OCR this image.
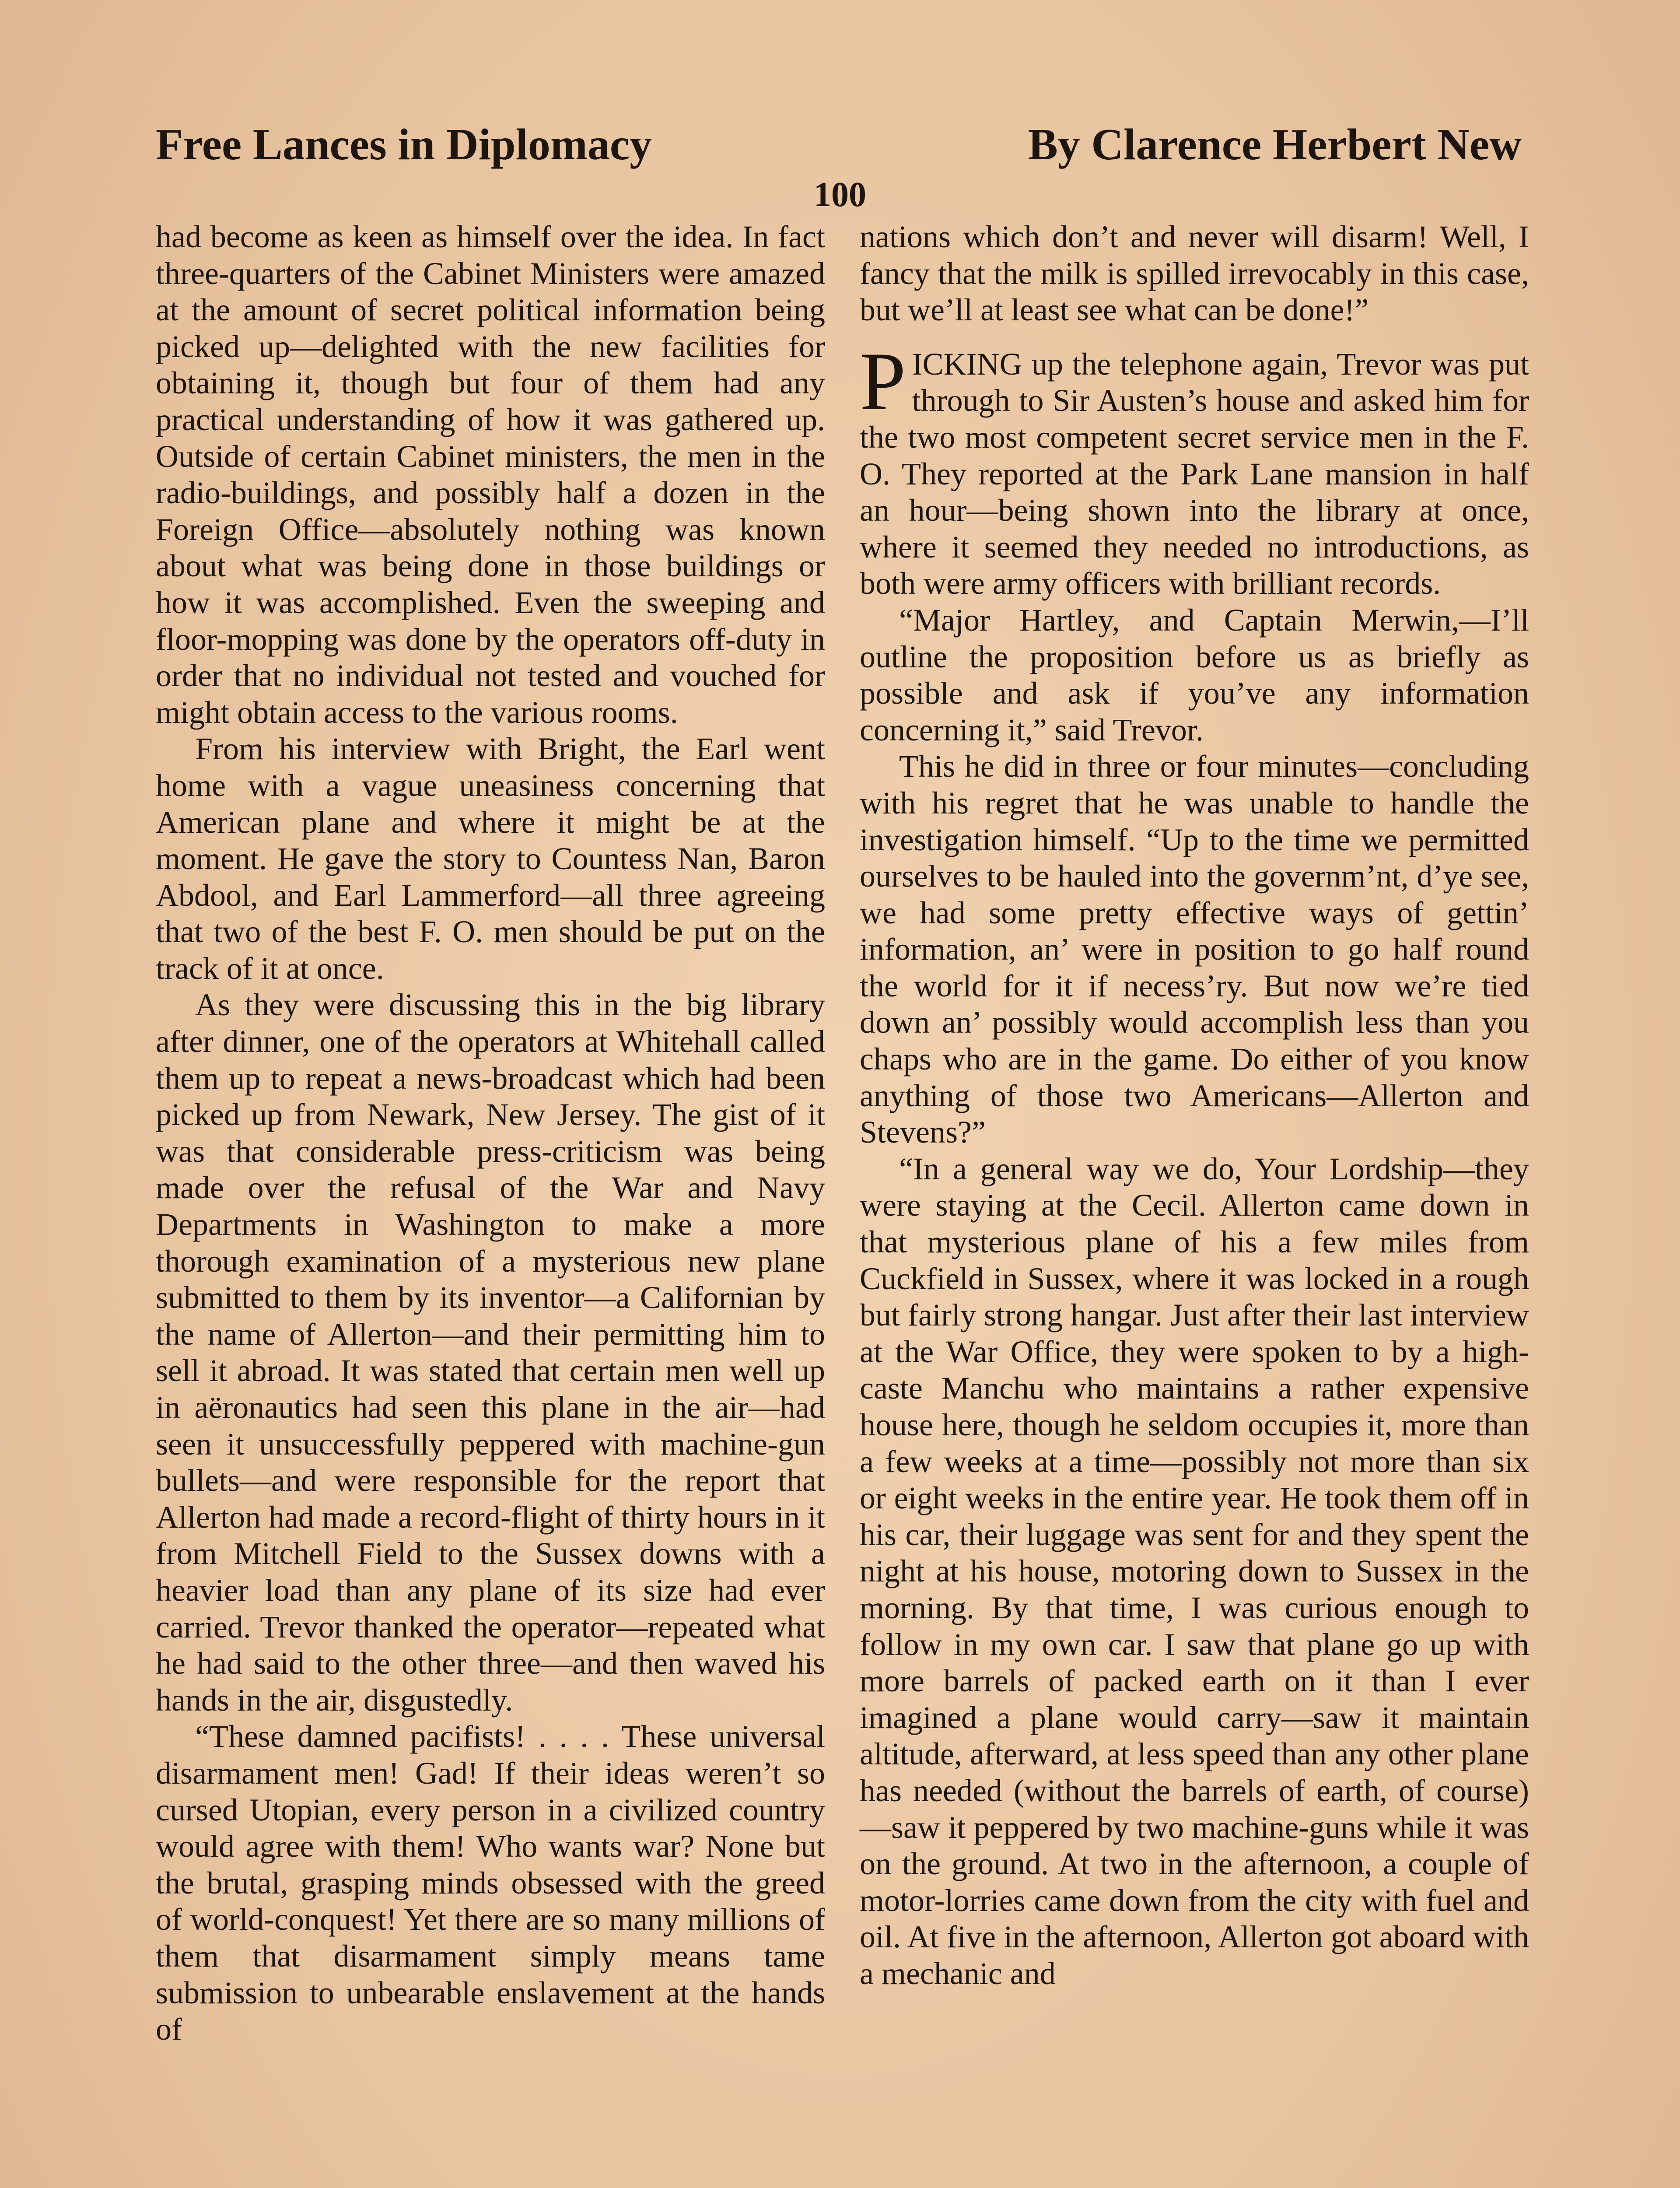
Free Lances in Diplomacy	By Clarence Herbert New
100

had become as keen as himself over the idea. In fact three-quarters of the Cabinet Ministers were amazed at the amount of secret political information being picked up—delighted with the new facilities for obtaining it, though but four of them had any practical understanding of how it was gathered up. Outside of certain Cabinet ministers, the men in the radio-buildings, and possibly half a dozen in the Foreign Office—absolutely nothing was known about what was being done in those buildings or how it was accomplished. Even the sweeping and floor-mopping was done by the operators off-duty in order that no individual not tested and vouched for might obtain access to the various rooms.

From his interview with Bright, the Earl went home with a vague uneasiness concerning that American plane and where it might be at the moment. He gave the story to Countess Nan, Baron Abdool, and Earl Lammerford—all three agreeing that two of the best F. O. men should be put on the track of it at once.

As they were discussing this in the big library after dinner, one of the operators at Whitehall called them up to repeat a news-broadcast which had been picked up from Newark, New Jersey. The gist of it was that considerable press-criticism was being made over the refusal of the War and Navy Departments in Washington to make a more thorough examination of a mysterious new plane submitted to them by its inventor—a Californian by the name of Allerton—and their permitting him to sell it abroad. It was stated that certain men well up in aëronautics had seen this plane in the air—had seen it unsuccessfully peppered with machine-gun bullets—and were responsible for the report that Allerton had made a record-flight of thirty hours in it from Mitchell Field to the Sussex downs with a heavier load than any plane of its size had ever carried. Trevor thanked the operator—repeated what he had said to the other three—and then waved his hands in the air, disgustedly.

“These damned pacifists! . . . . These universal disarmament men! Gad! If their ideas weren’t so cursed Utopian, every person in a civilized country would agree with them! Who wants war? None but the brutal, grasping minds obsessed with the greed of world-conquest! Yet there are so many millions of them that disarmament simply means tame submission to unbearable enslavement at the hands of

nations which don’t and never will disarm! Well, I fancy that the milk is spilled irrevocably in this case, but we’ll at least see what can be done!”

PICKING up the telephone again, Trevor was put through to Sir Austen’s house and asked him for the two most competent secret service men in the F. O. They reported at the Park Lane mansion in half an hour—being shown into the library at once, where it seemed they needed no introductions, as both were army officers with brilliant records.

“Major Hartley, and Captain Merwin,—I’ll outline the proposition before us as briefly as possible and ask if you’ve any information concerning it,” said Trevor.

This he did in three or four minutes—concluding with his regret that he was unable to handle the investigation himself. “Up to the time we permitted ourselves to be hauled into the governm’nt, d’ye see, we had some pretty effective ways of gettin’ information, an’ were in position to go half round the world for it if necess’ry. But now we’re tied down an’ possibly would accomplish less than you chaps who are in the game. Do either of you know anything of those two Americans—Allerton and Stevens?”

“In a general way we do, Your Lordship—they were staying at the Cecil. Allerton came down in that mysterious plane of his a few miles from Cuckfield in Sussex, where it was locked in a rough but fairly strong hangar. Just after their last interview at the War Office, they were spoken to by a high-caste Manchu who maintains a rather expensive house here, though he seldom occupies it, more than a few weeks at a time—possibly not more than six or eight weeks in the entire year. He took them off in his car, their luggage was sent for and they spent the night at his house, motoring down to Sussex in the morning. By that time, I was curious enough to follow in my own car. I saw that plane go up with more barrels of packed earth on it than I ever imagined a plane would carry—saw it maintain altitude, afterward, at less speed than any other plane has needed (without the barrels of earth, of course)—saw it peppered by two machine-guns while it was on the ground. At two in the afternoon, a couple of motor-lorries came down from the city with fuel and oil. At five in the afternoon, Allerton got aboard with a mechanic and
